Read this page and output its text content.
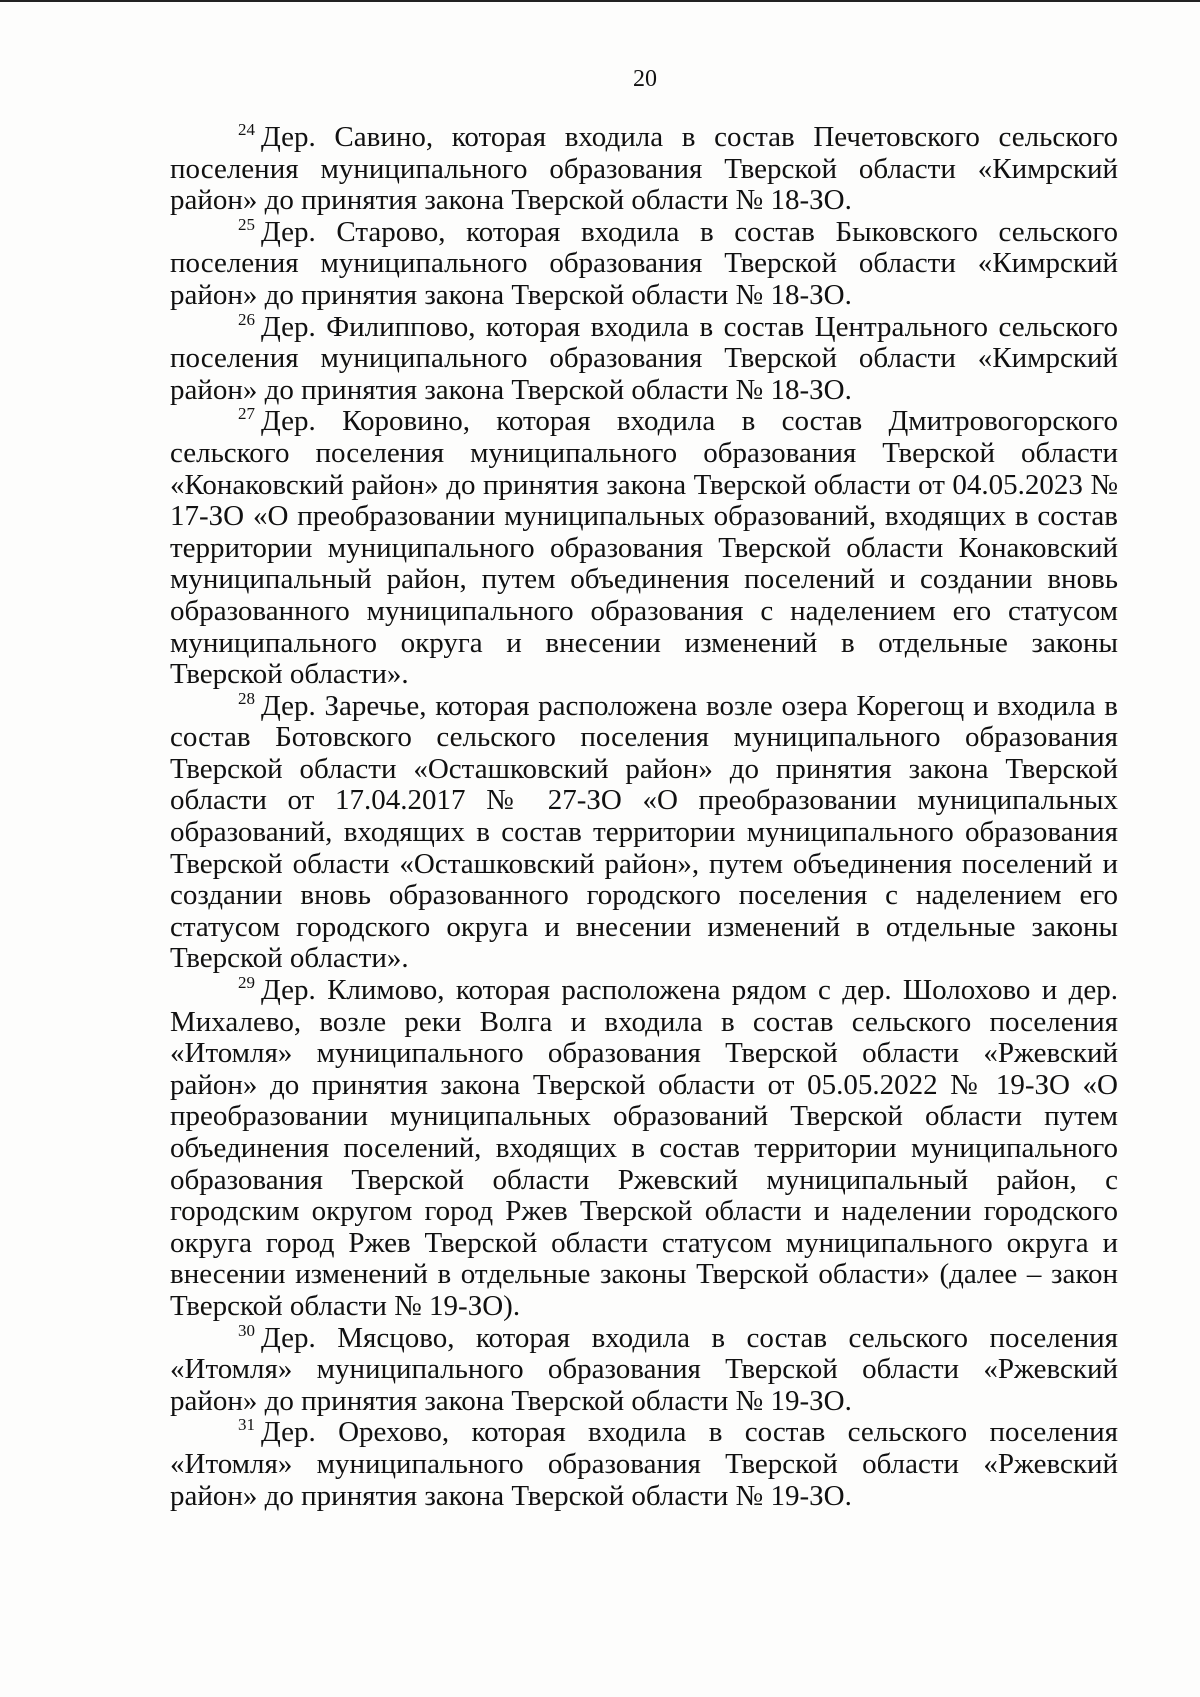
20

$^{24}$ Дер. Савино, которая входила в состав Печетовского сельского поселения муниципального образования Тверской области «Кимрский район» до принятия закона Тверской области № 18-ЗО.

$^{25}$ Дер. Старово, которая входила в состав Быковского сельского поселения муниципального образования Тверской области «Кимрский район» до принятия закона Тверской области № 18-ЗО.

$^{26}$ Дер. Филиппово, которая входила в состав Центрального сельского поселения муниципального образования Тверской области «Кимрский район» до принятия закона Тверской области № 18-ЗО.

$^{27}$ Дер. Коровино, которая входила в состав Дмитровогорского сельского поселения муниципального образования Тверской области «Конаковский район» до принятия закона Тверской области от 04.05.2023 № 17-ЗО «О преобразовании муниципальных образований, входящих в состав территории муниципального образования Тверской области Конаковский муниципальный район, путем объединения поселений и создании вновь образованного муниципального образования с наделением его статусом муниципального округа и внесении изменений в отдельные законы Тверской области».

$^{28}$ Дер. Заречье, которая расположена возле озера Корегощ и входила в состав Ботовского сельского поселения муниципального образования Тверской области «Осташковский район» до принятия закона Тверской области от 17.04.2017 № 27-ЗО «О преобразовании муниципальных образований, входящих в состав территории муниципального образования Тверской области «Осташковский район», путем объединения поселений и создании вновь образованного городского поселения с наделением его статусом городского округа и внесении изменений в отдельные законы Тверской области».

$^{29}$ Дер. Климово, которая расположена рядом с дер. Шолохово и дер. Михалево, возле реки Волга и входила в состав сельского поселения «Итомля» муниципального образования Тверской области «Ржевский район» до принятия закона Тверской области от 05.05.2022 № 19-ЗО «О преобразовании муниципальных образований Тверской области путем объединения поселений, входящих в состав территории муниципального образования Тверской области Ржевский муниципальный район, с городским округом город Ржев Тверской области и наделении городского округа город Ржев Тверской области статусом муниципального округа и внесении изменений в отдельные законы Тверской области» (далее – закон Тверской области № 19-ЗО).

$^{30}$ Дер. Мясцово, которая входила в состав сельского поселения «Итомля» муниципального образования Тверской области «Ржевский район» до принятия закона Тверской области № 19-ЗО.

$^{31}$ Дер. Орехово, которая входила в состав сельского поселения «Итомля» муниципального образования Тверской области «Ржевский район» до принятия закона Тверской области № 19-ЗО.
